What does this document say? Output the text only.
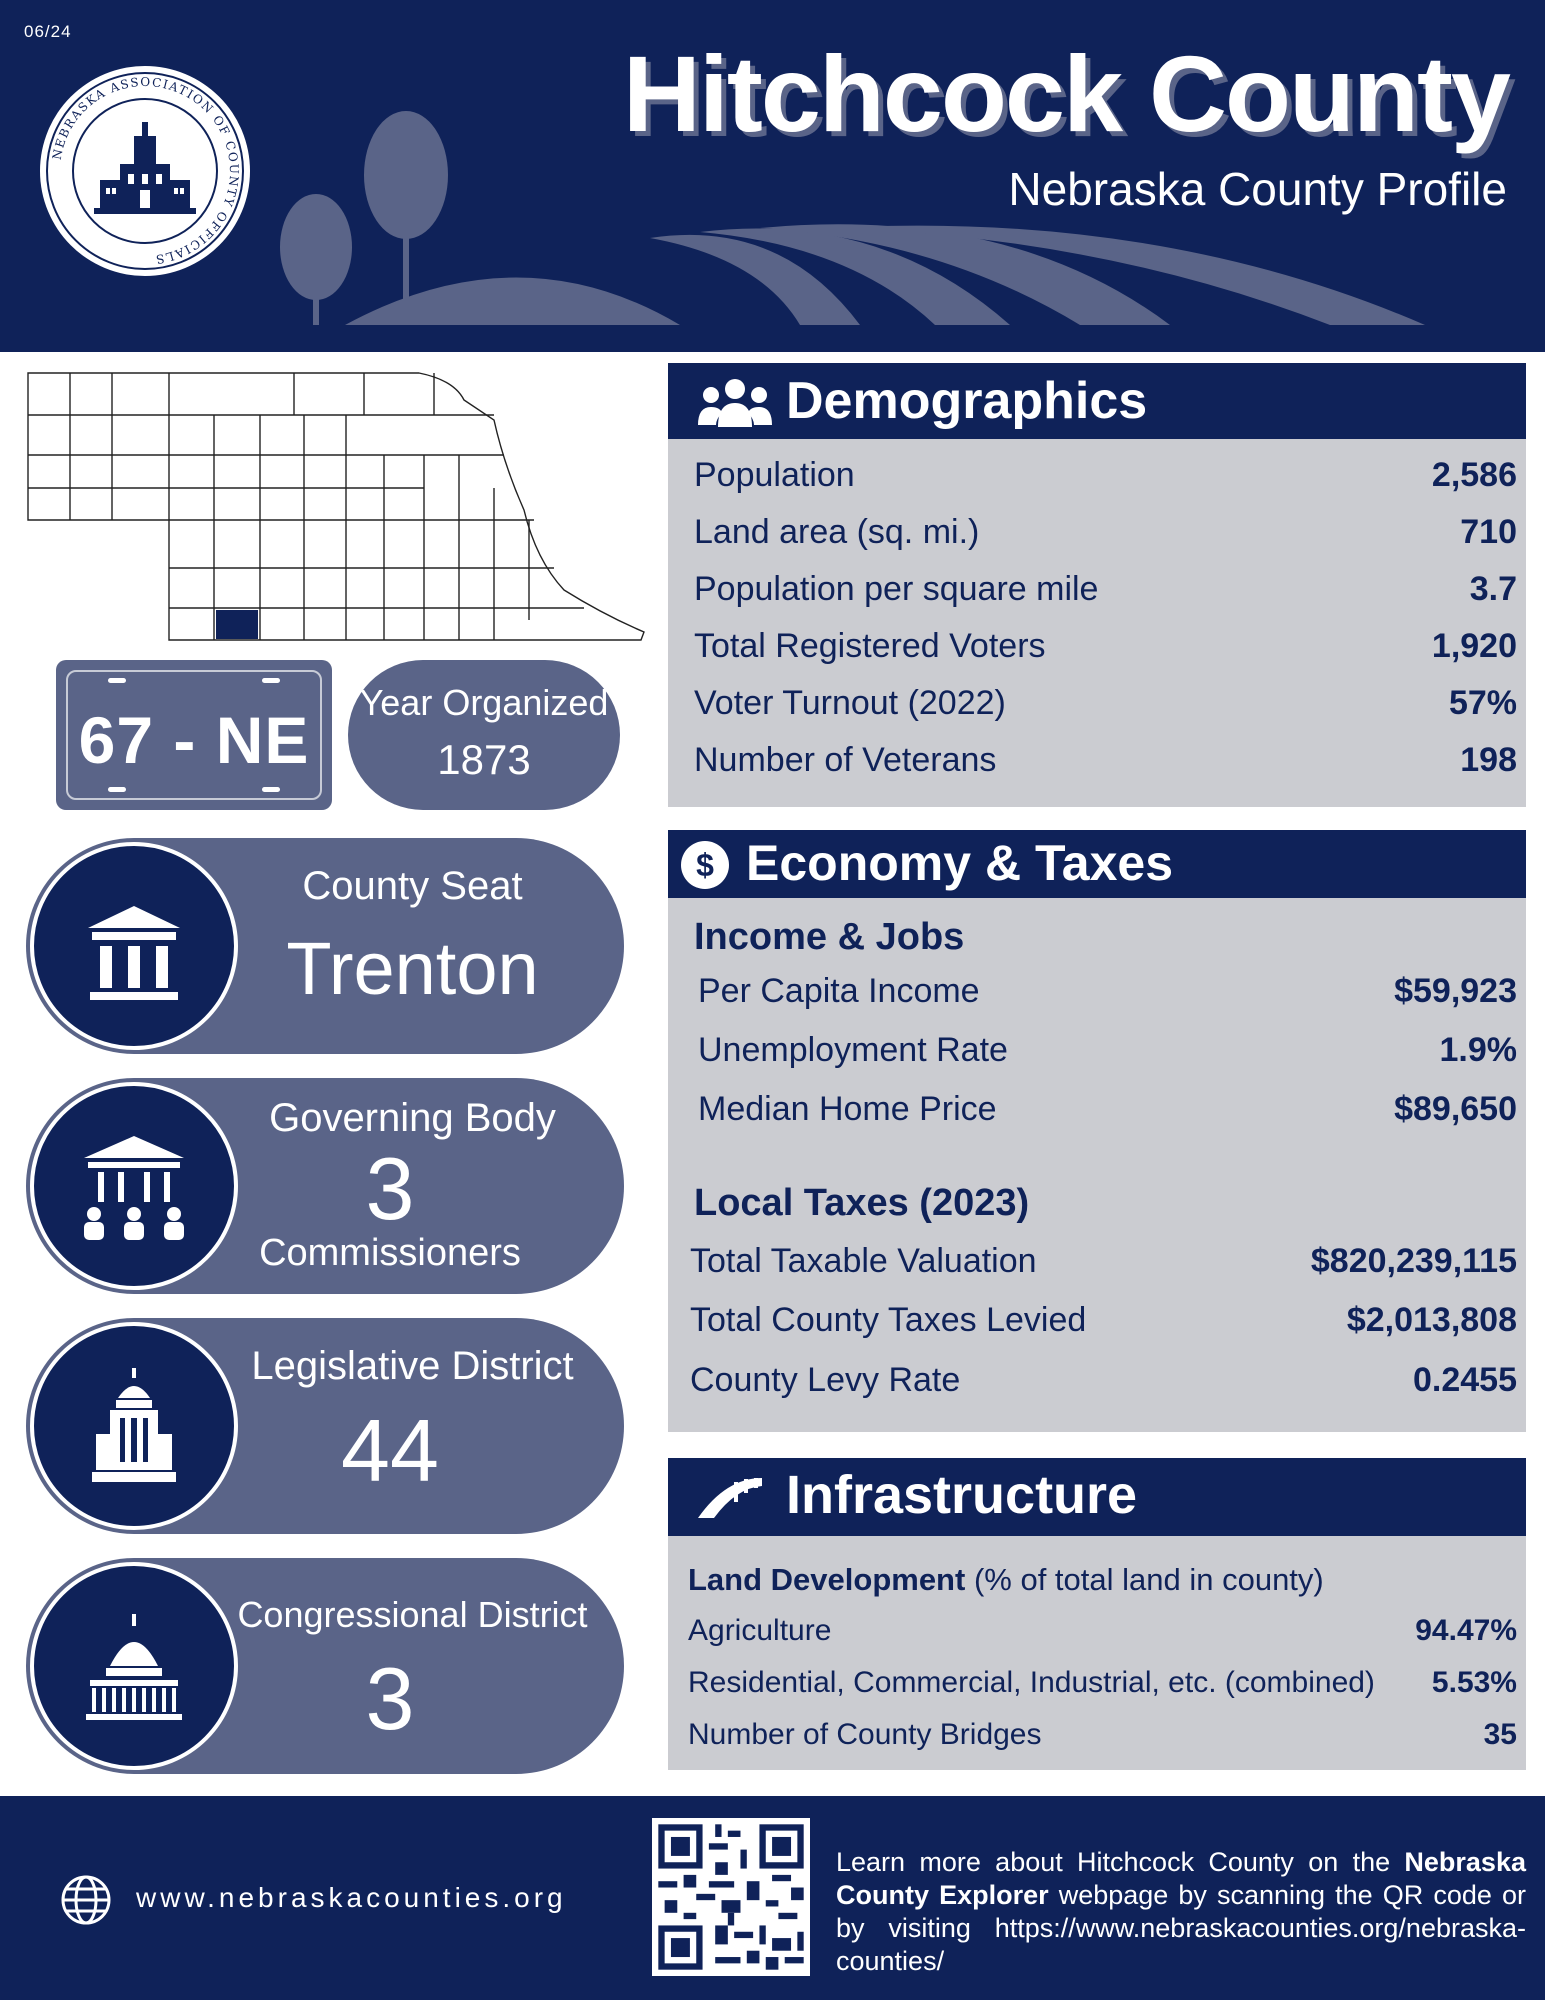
06/24
Hitchcock County
Nebraska County Profile
NEBRASKA ASSOCIATION OF COUNTY OFFICIALS
67 - NE
Year Organized
1873
County Seat
Trenton
Governing Body
3
Commissioners
Legislative District
44
Congressional District
3
Demographics
Population	2,586
Land area (sq. mi.)	710
Population per square mile	3.7
Total Registered Voters	1,920
Voter Turnout (2022)	57%
Number of Veterans	198
$ Economy & Taxes
Income & Jobs
Per Capita Income	$59,923
Unemployment Rate	1.9%
Median Home Price	$89,650
Local Taxes (2023)
Total Taxable Valuation	$820,239,115
Total County Taxes Levied	$2,013,808
County Levy Rate	0.2455
Infrastructure
Land Development (% of total land in county)
Agriculture	94.47%
Residential, Commercial, Industrial, etc. (combined) 5.53%
Number of County Bridges	35
www.nebraskacounties.org
Learn more about Hitchcock County on the Nebraska County Explorer webpage by scanning the QR code or by visiting https://www.nebraskacounties.org/nebraska-counties/
